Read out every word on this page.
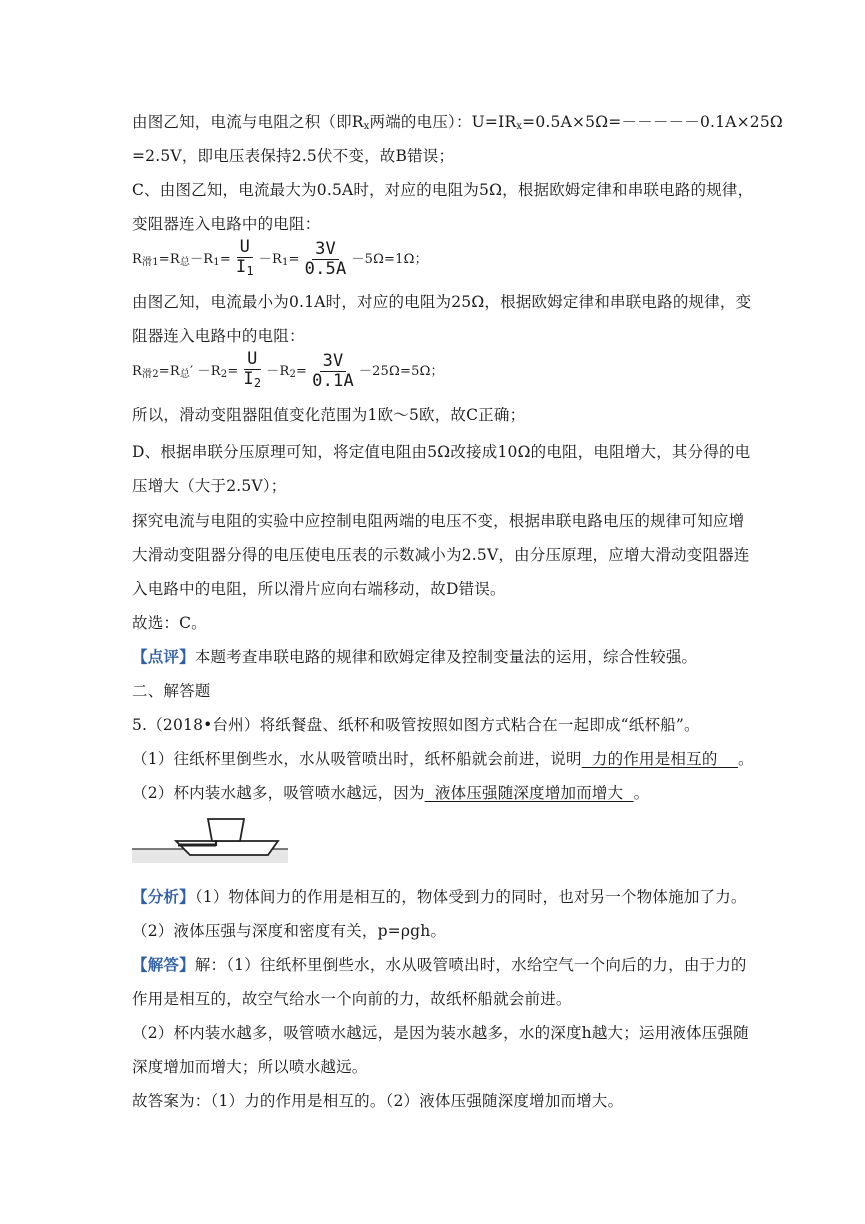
由图乙知，电流与电阻之积（即$R_x$两端的电压）：$U=IR_x=0.5A\times 5\Omega=-----0.1A\times 25\Omega$
=2.5V，即电压表保持2.5伏不变，故B错误；
C、由图乙知，电流最大为0.5A时，对应的电阻为5Ω，根据欧姆定律和串联电路的规律，
变阻器连入电路中的电阻：
$R_{滑1}=R_总-R_1= \frac{U}{I_1} -R_1= \frac{3V}{0.5A} -5\Omega=1\Omega$；
由图乙知，电流最小为0.1A时，对应的电阻为25Ω，根据欧姆定律和串联电路的规律，变
阻器连入电路中的电阻：
$R_{滑2}=R_总' -R_2= \frac{U}{I_2} -R_2= \frac{3V}{0.1A} -25\Omega=5\Omega$；
所以，滑动变阻器阻值变化范围为1欧～5欧，故C正确；
D、根据串联分压原理可知，将定值电阻由5Ω改接成10Ω的电阻，电阻增大，其分得的电
压增大（大于2.5V）；
探究电流与电阻的实验中应控制电阻两端的电压不变，根据串联电路电压的规律可知应增
大滑动变阻器分得的电压使电压表的示数减小为2.5V，由分压原理，应增大滑动变阻器连
入电路中的电阻，所以滑片应向右端移动，故D错误。
故选：C。
【点评】本题考查串联电路的规律和欧姆定律及控制变量法的运用，综合性较强。
二、解答题
5.（2018•台州）将纸餐盘、纸杯和吸管按照如图方式粘合在一起即成“纸杯船”。
（1）往纸杯里倒些水，水从吸管喷出时，纸杯船就会前进，说明  力的作用是相互的    。
（2）杯内装水越多，吸管喷水越远，因为  液体压强随深度增加而增大  。
【分析】（1）物体间力的作用是相互的，物体受到力的同时，也对另一个物体施加了力。
（2）液体压强与深度和密度有关，p=ρgh。
【解答】解：（1）往纸杯里倒些水，水从吸管喷出时，水给空气一个向后的力，由于力的
作用是相互的，故空气给水一个向前的力，故纸杯船就会前进。
（2）杯内装水越多，吸管喷水越远，是因为装水越多，水的深度h越大；运用液体压强随
深度增加而增大；所以喷水越远。
故答案为：（1）力的作用是相互的。（2）液体压强随深度增加而增大。
